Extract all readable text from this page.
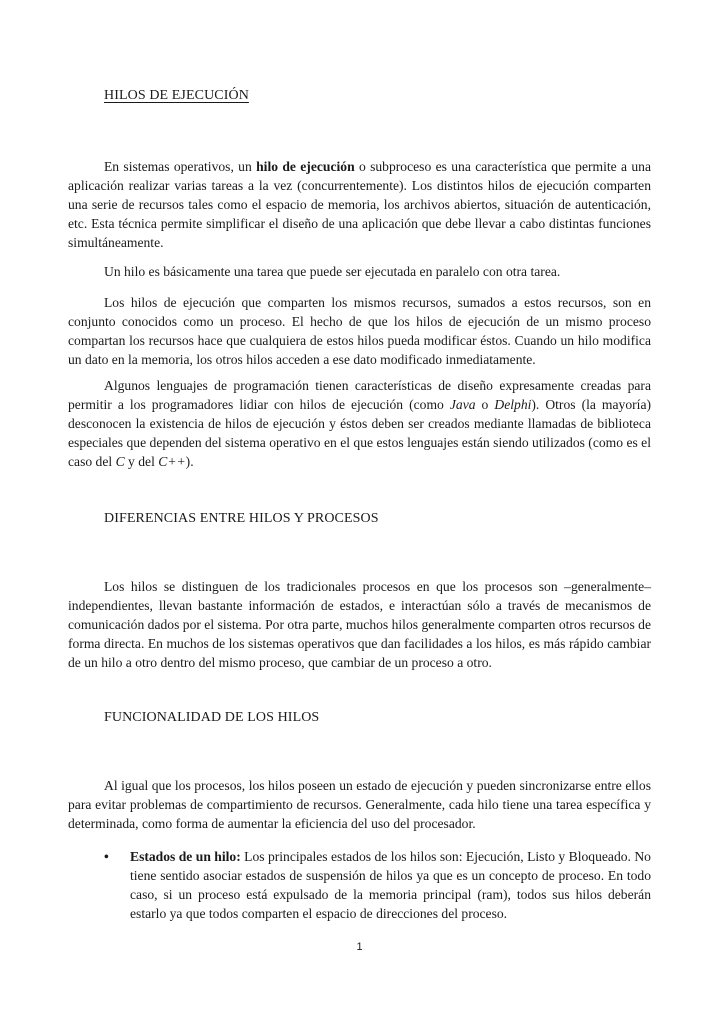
HILOS DE EJECUCIÓN

En sistemas operativos, un hilo de ejecución o subproceso es una característica que permite a una aplicación realizar varias tareas a la vez (concurrentemente). Los distintos hilos de ejecución comparten una serie de recursos tales como el espacio de memoria, los archivos abiertos, situación de autenticación, etc. Esta técnica permite simplificar el diseño de una aplicación que debe llevar a cabo distintas funciones simultáneamente.

Un hilo es básicamente una tarea que puede ser ejecutada en paralelo con otra tarea.

Los hilos de ejecución que comparten los mismos recursos, sumados a estos recursos, son en conjunto conocidos como un proceso. El hecho de que los hilos de ejecución de un mismo proceso compartan los recursos hace que cualquiera de estos hilos pueda modificar éstos. Cuando un hilo modifica un dato en la memoria, los otros hilos acceden a ese dato modificado inmediatamente.

Algunos lenguajes de programación tienen características de diseño expresamente creadas para permitir a los programadores lidiar con hilos de ejecución (como Java o Delphi). Otros (la mayoría) desconocen la existencia de hilos de ejecución y éstos deben ser creados mediante llamadas de biblioteca especiales que dependen del sistema operativo en el que estos lenguajes están siendo utilizados (como es el caso del C y del C++).

DIFERENCIAS ENTRE HILOS Y PROCESOS

Los hilos se distinguen de los tradicionales procesos en que los procesos son –generalmente– independientes, llevan bastante información de estados, e interactúan sólo a través de mecanismos de comunicación dados por el sistema. Por otra parte, muchos hilos generalmente comparten otros recursos de forma directa. En muchos de los sistemas operativos que dan facilidades a los hilos, es más rápido cambiar de un hilo a otro dentro del mismo proceso, que cambiar de un proceso a otro.

FUNCIONALIDAD DE LOS HILOS

Al igual que los procesos, los hilos poseen un estado de ejecución y pueden sincronizarse entre ellos para evitar problemas de compartimiento de recursos. Generalmente, cada hilo tiene una tarea específica y determinada, como forma de aumentar la eficiencia del uso del procesador.

• Estados de un hilo: Los principales estados de los hilos son: Ejecución, Listo y Bloqueado. No tiene sentido asociar estados de suspensión de hilos ya que es un concepto de proceso. En todo caso, si un proceso está expulsado de la memoria principal (ram), todos sus hilos deberán estarlo ya que todos comparten el espacio de direcciones del proceso.
1
